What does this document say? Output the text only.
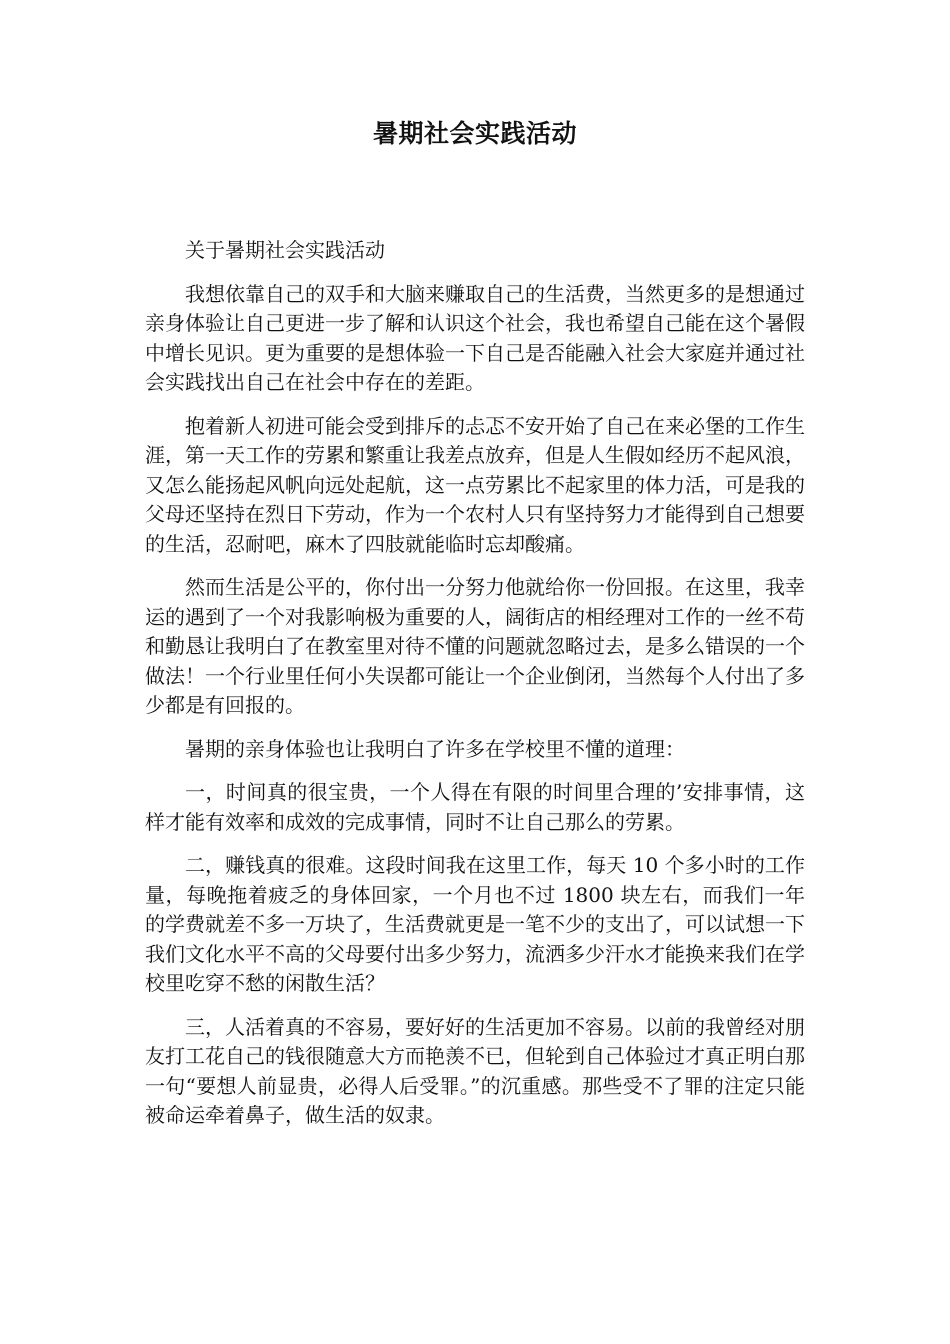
暑期社会实践活动

关于暑期社会实践活动

我想依靠自己的双手和大脑来赚取自己的生活费，当然更多的是想通过亲身体验让自己更进一步了解和认识这个社会，我也希望自己能在这个暑假中增长见识。更为重要的是想体验一下自己是否能融入社会大家庭并通过社会实践找出自己在社会中存在的差距。

抱着新人初进可能会受到排斥的忐忑不安开始了自己在来必堡的工作生涯，第一天工作的劳累和繁重让我差点放弃，但是人生假如经历不起风浪，又怎么能扬起风帆向远处起航，这一点劳累比不起家里的体力活，可是我的父母还坚持在烈日下劳动，作为一个农村人只有坚持努力才能得到自己想要的生活，忍耐吧，麻木了四肢就能临时忘却酸痛。

然而生活是公平的，你付出一分努力他就给你一份回报。在这里，我幸运的遇到了一个对我影响极为重要的人，阔街店的相经理对工作的一丝不苟和勤恳让我明白了在教室里对待不懂的问题就忽略过去，是多么错误的一个做法！一个行业里任何小失误都可能让一个企业倒闭，当然每个人付出了多少都是有回报的。

暑期的亲身体验也让我明白了许多在学校里不懂的道理：

一，时间真的很宝贵，一个人得在有限的时间里合理的’安排事情，这样才能有效率和成效的完成事情，同时不让自己那么的劳累。

二，赚钱真的很难。这段时间我在这里工作，每天 10 个多小时的工作量，每晚拖着疲乏的身体回家，一个月也不过 1800 块左右，而我们一年的学费就差不多一万块了，生活费就更是一笔不少的支出了，可以试想一下我们文化水平不高的父母要付出多少努力，流洒多少汗水才能换来我们在学校里吃穿不愁的闲散生活？

三，人活着真的不容易，要好好的生活更加不容易。以前的我曾经对朋友打工花自己的钱很随意大方而艳羡不已，但轮到自己体验过才真正明白那一句“要想人前显贵，必得人后受罪。”的沉重感。那些受不了罪的注定只能被命运牵着鼻子，做生活的奴隶。
